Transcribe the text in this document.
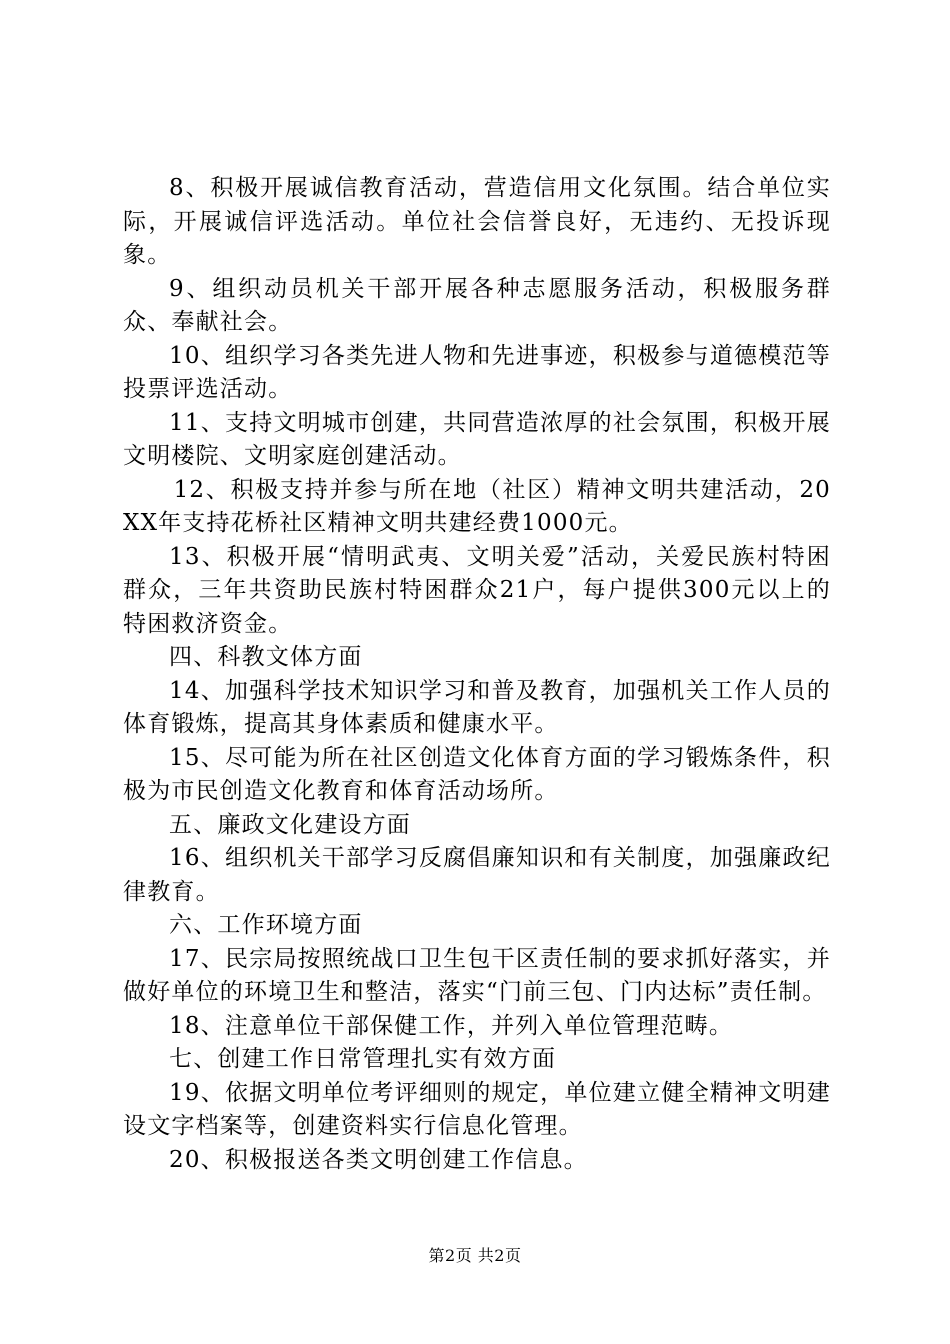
8、积极开展诚信教育活动，营造信用文化氛围。结合单位实际，开展诚信评选活动。单位社会信誉良好，无违约、无投诉现象。

9、组织动员机关干部开展各种志愿服务活动，积极服务群众、奉献社会。

10、组织学习各类先进人物和先进事迹，积极参与道德模范等投票评选活动。

11、支持文明城市创建，共同营造浓厚的社会氛围，积极开展文明楼院、文明家庭创建活动。

12、积极支持并参与所在地（社区）精神文明共建活动，20XX年支持花桥社区精神文明共建经费1000元。

13、积极开展“情明武夷、文明关爱”活动，关爱民族村特困群众，三年共资助民族村特困群众21户，每户提供300元以上的特困救济资金。

四、科教文体方面

14、加强科学技术知识学习和普及教育，加强机关工作人员的体育锻炼，提高其身体素质和健康水平。

15、尽可能为所在社区创造文化体育方面的学习锻炼条件，积极为市民创造文化教育和体育活动场所。

五、廉政文化建设方面

16、组织机关干部学习反腐倡廉知识和有关制度，加强廉政纪律教育。

六、工作环境方面

17、民宗局按照统战口卫生包干区责任制的要求抓好落实，并做好单位的环境卫生和整洁，落实“门前三包、门内达标”责任制。

18、注意单位干部保健工作，并列入单位管理范畴。

七、创建工作日常管理扎实有效方面

19、依据文明单位考评细则的规定，单位建立健全精神文明建设文字档案等，创建资料实行信息化管理。

20、积极报送各类文明创建工作信息。

第2页 共2页
